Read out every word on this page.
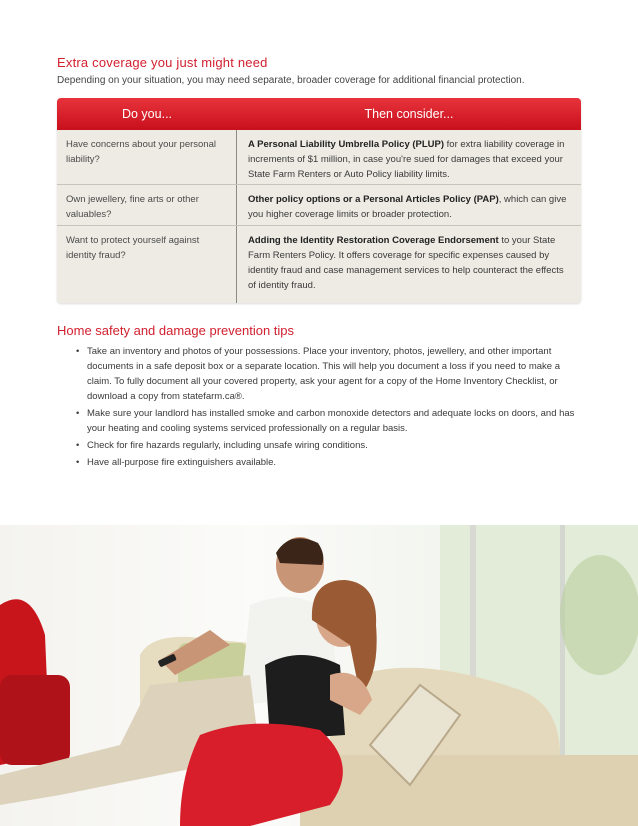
Extra coverage you just might need
Depending on your situation, you may need separate, broader coverage for additional financial protection.
Do you...	Then consider...
Have concerns about your personal liability?
A Personal Liability Umbrella Policy (PLUP) for extra liability coverage in increments of $1 million, in case you're sued for damages that exceed your State Farm Renters or Auto Policy liability limits.
Own jewellery, fine arts or other valuables?
Other policy options or a Personal Articles Policy (PAP), which can give you higher coverage limits or broader protection.
Want to protect yourself against identity fraud?
Adding the Identity Restoration Coverage Endorsement to your State Farm Renters Policy. It offers coverage for specific expenses caused by identity fraud and case management services to help counteract the effects of identity fraud.
Home safety and damage prevention tips
• Take an inventory and photos of your possessions. Place your inventory, photos, jewellery, and other important documents in a safe deposit box or a separate location. This will help you document a loss if you need to make a claim. To fully document all your covered property, ask your agent for a copy of the Home Inventory Checklist, or download a copy from statefarm.ca®.
• Make sure your landlord has installed smoke and carbon monoxide detectors and adequate locks on doors, and has your heating and cooling systems serviced professionally on a regular basis.
• Check for fire hazards regularly, including unsafe wiring conditions.
• Have all-purpose fire extinguishers available.
